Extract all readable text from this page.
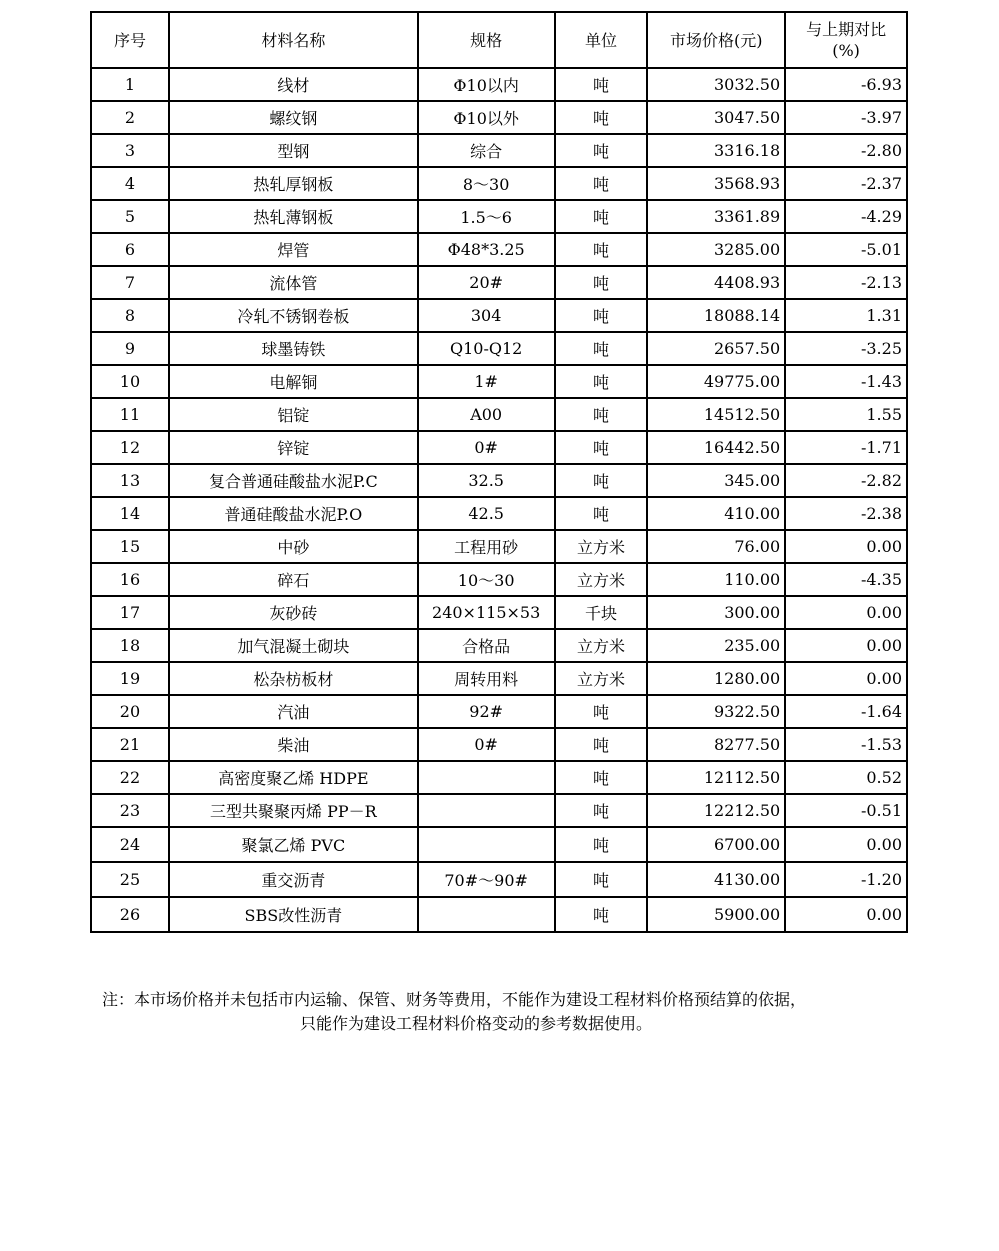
序号	材料名称	规格	单位	市场价格(元)	与上期对比
(%)

1	线材	Φ10以内	吨	3032.50	-6.93
2	螺纹钢	Φ10以外	吨	3047.50	-3.97
3	型钢	综合	吨	3316.18	-2.80
4	热轧厚钢板	8～30	吨	3568.93	-2.37
5	热轧薄钢板	1.5～6	吨	3361.89	-4.29
6	焊管	Φ48*3.25	吨	3285.00	-5.01
7	流体管	20#	吨	4408.93	-2.13
8	冷轧不锈钢卷板	304	吨	18088.14	1.31
9	球墨铸铁	Q10-Q12	吨	2657.50	-3.25
10	电解铜	1#	吨	49775.00	-1.43
11	铝锭	A00	吨	14512.50	1.55
12	锌锭	0#	吨	16442.50	-1.71
13	复合普通硅酸盐水泥P.C	32.5	吨	345.00	-2.82
14	普通硅酸盐水泥P.O	42.5	吨	410.00	-2.38
15	中砂	工程用砂	立方米	76.00	0.00
16	碎石	10～30	立方米	110.00	-4.35
17	灰砂砖	240×115×53	千块	300.00	0.00
18	加气混凝土砌块	合格品	立方米	235.00	0.00
19	松杂枋板材	周转用料	立方米	1280.00	0.00
20	汽油	92#	吨	9322.50	-1.64
21	柴油	0#	吨	8277.50	-1.53
22	高密度聚乙烯 HDPE		吨	12112.50	0.52
23	三型共聚聚丙烯 PP－R		吨	12212.50	-0.51
24	聚氯乙烯 PVC		吨	6700.00	0.00
25	重交沥青	70#～90#	吨	4130.00	-1.20
26	SBS改性沥青		吨	5900.00	0.00
注：本市场价格并未包括市内运输、保管、财务等费用，不能作为建设工程材料价格预结算的依据，
只能作为建设工程材料价格变动的参考数据使用。
